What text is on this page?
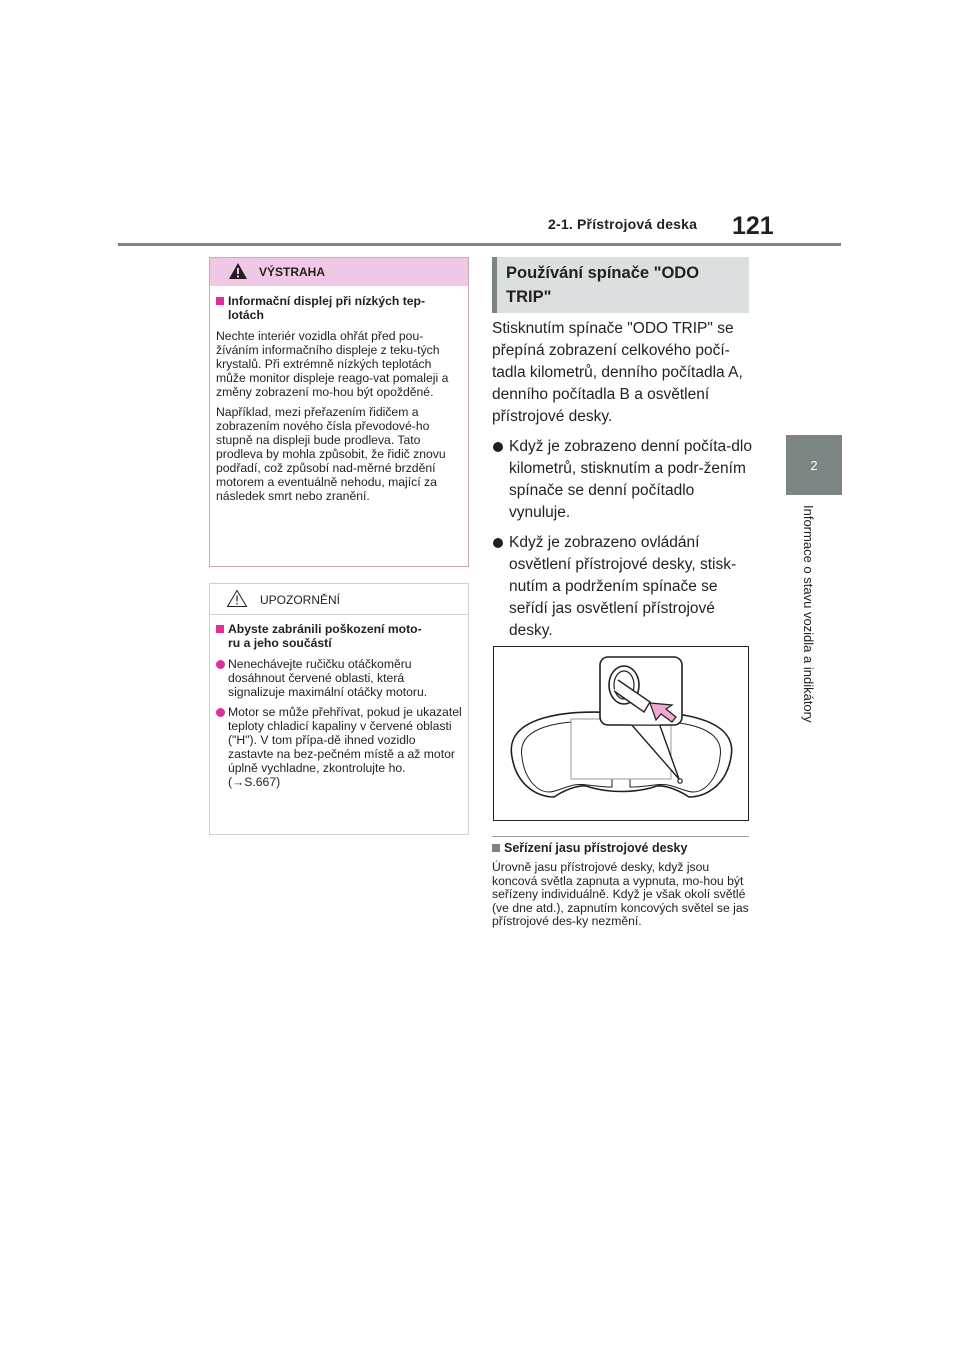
2-1. Přístrojová deska 121
2
Informace o stavu vozidla a indikátory
VÝSTRAHA

Informační displej při nízkých tep-
lotách

Nechte interiér vozidla ohřát před pou-žíváním informačního displeje z teku-tých krystalů. Při extrémně nízkých teplotách může monitor displeje reago-vat pomaleji a změny zobrazení mo-hou být opožděné.

Například, mezi přeřazením řidičem a zobrazením nového čísla převodové-ho stupně na displeji bude prodleva. Tato prodleva by mohla způsobit, že řidič znovu podřadí, což způsobí nad-měrné brzdění motorem a eventuálně nehodu, mající za následek smrt nebo zranění.

UPOZORNĚNÍ

Abyste zabránili poškození moto-
ru a jeho součástí

Nenechávejte ručičku otáčkoměru dosáhnout červené oblasti, která signalizuje maximální otáčky motoru.

Motor se může přehřívat, pokud je ukazatel teploty chladicí kapaliny v červené oblasti ("H"). V tom přípa-dě ihned vozidlo zastavte na bez-pečném místě a až motor úplně vychladne, zkontrolujte ho.
(→S.667)

Používání spínače "ODO TRIP"

Stisknutím spínače "ODO TRIP" se přepíná zobrazení celkového počí-tadla kilometrů, denního počítadla A, denního počítadla B a osvětlení přístrojové desky.

Když je zobrazeno denní počíta-dlo kilometrů, stisknutím a podr-žením spínače se denní počítadlo vynuluje.

Když je zobrazeno ovládání osvětlení přístrojové desky, stisk-nutím a podržením spínače se seřídí jas osvětlení přístrojové desky.

Seřízení jasu přístrojové desky
Úrovně jasu přístrojové desky, když jsou koncová světla zapnuta a vypnuta, mo-hou být seřízeny individuálně. Když je však okolí světlé (ve dne atd.), zapnutím koncových světel se jas přístrojové des-ky nezmění.
